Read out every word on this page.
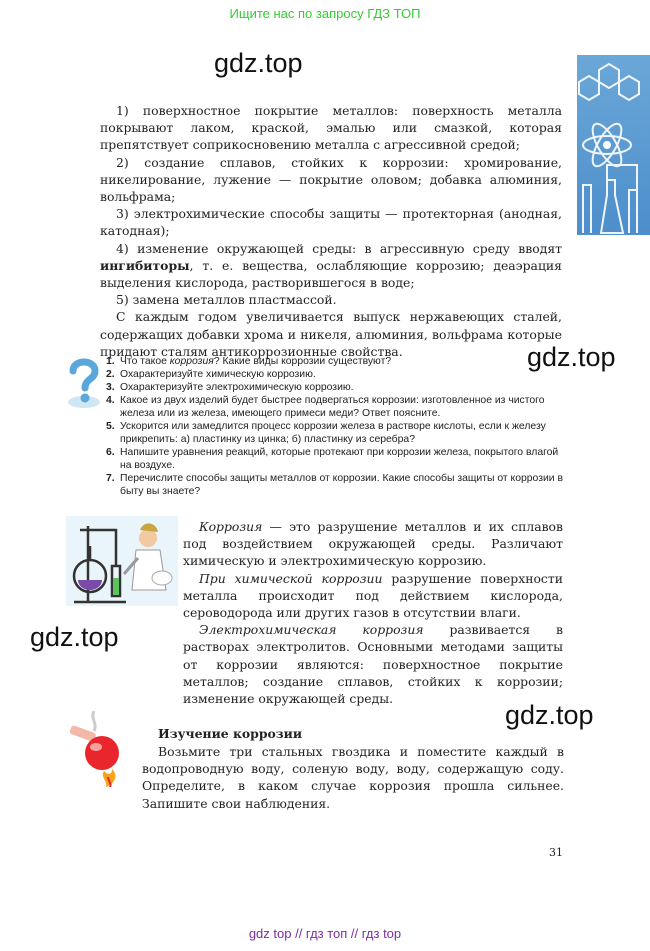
Ищите нас по запросу ГДЗ ТОП
gdz.top
gdz.top
gdz.top
gdz.top

1) поверхностное покрытие металлов: поверхность металла покрывают лаком, краской, эмалью или смазкой, которая препятствует соприкосновению металла с агрессивной средой;

2) создание сплавов, стойких к коррозии: хромирование, никелирование, лужение — покрытие оловом; добавка алюминия, вольфрама;

3) электрохимические способы защиты — протекторная (анодная, катодная);

4) изменение окружающей среды: в агрессивную среду вводят ингибиторы, т. е. вещества, ослабляющие коррозию; деаэрация выделения кислорода, растворившегося в воде;

5) замена металлов пластмассой.

С каждым годом увеличивается выпуск нержавеющих сталей, содержащих добавки хрома и никеля, алюминия, вольфрама которые придают сталям антикоррозионные свойства.

1. Что такое коррозия? Какие виды коррозии существуют?
2. Охарактеризуйте химическую коррозию.
3. Охарактеризуйте электрохимическую коррозию.
4. Какое из двух изделий будет быстрее подвергаться коррозии: изготовленное из чистого железа или из железа, имеющего примеси меди? Ответ поясните.
5. Ускорится или замедлится процесс коррозии железа в растворе кислоты, если к железу прикрепить: а) пластинку из цинка; б) пластинку из серебра?
6. Напишите уравнения реакций, которые протекают при коррозии железа, покрытого влагой на воздухе.
7. Перечислите способы защиты металлов от коррозии. Какие способы защиты от коррозии в быту вы знаете?

Коррозия — это разрушение металлов и их сплавов под воздействием окружающей среды. Различают химическую и электрохимическую коррозию.

При химической коррозии разрушение поверхности металла происходит под действием кислорода, сероводорода или других газов в отсутствии влаги.

Электрохимическая коррозия развивается в растворах электролитов. Основными методами защиты от коррозии являются: поверхностное покрытие металлов; создание сплавов, стойких к коррозии; изменение окружающей среды.

Изучение коррозии
Возьмите три стальных гвоздика и поместите каждый в водопроводную воду, соленую воду, воду, содержащую соду. Определите, в каком случае коррозия прошла сильнее. Запишите свои наблюдения.
31
gdz top // гдз топ // гдз top
